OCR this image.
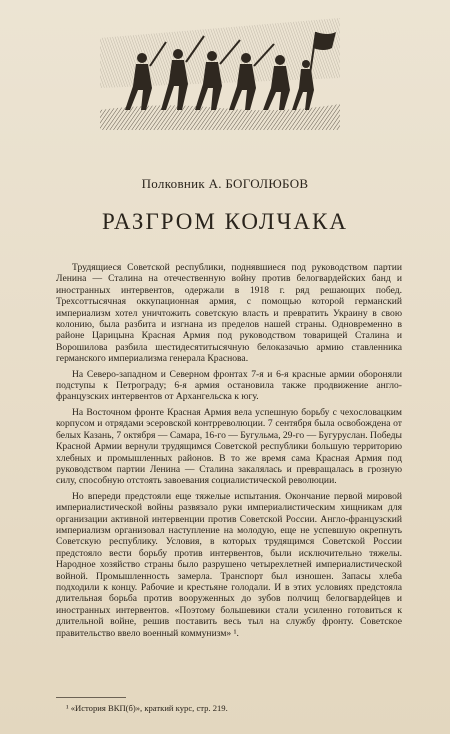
Полковник А. БОГОЛЮБОВ
РАЗГРОМ КОЛЧАКА

Трудящиеся Советской республики, поднявшиеся под руководством партии Ленина — Сталина на отечественную войну против белогвардейских банд и иностранных интервентов, одержали в 1918 г. ряд решающих побед. Трехсоттысячная оккупационная армия, с помощью которой германский империализм хотел уничтожить советскую власть и превратить Украину в свою колонию, была разбита и изгнана из пределов нашей страны. Одновременно в районе Царицына Красная Армия под руководством товарищей Сталина и Ворошилова разбила шестидесятитысячную белоказачью армию ставленника германского империализма генерала Краснова.

На Северо-западном и Северном фронтах 7-я и 6-я красные армии обороняли подступы к Петрограду; 6-я армия остановила также продвижение англо-французских интервентов от Архангельска к югу.

На Восточном фронте Красная Армия вела успешную борьбу с чехословацким корпусом и отрядами эсеровской контрреволюции. 7 сентября была освобождена от белых Казань, 7 октября — Самара, 16-го — Бугульма, 29-го — Бугуруслан. Победы Красной Армии вернули трудящимся Советской республики большую территорию хлебных и промышленных районов. В то же время сама Красная Армия под руководством партии Ленина — Сталина закалялась и превращалась в грозную силу, способную отстоять завоевания социалистической революции.

Но впереди предстояли еще тяжелые испытания. Окончание первой мировой империалистической войны развязало руки империалистическим хищникам для организации активной интервенции против Советской России. Англо-французский империализм организовал наступление на молодую, еще не успевшую окрепнуть Советскую республику. Условия, в которых трудящимся Советской России предстояло вести борьбу против интервентов, были исключительно тяжелы. Народное хозяйство страны было разрушено четырехлетней империалистической войной. Промышленность замерла. Транспорт был изношен. Запасы хлеба подходили к концу. Рабочие и крестьяне голодали. И в этих условиях предстояла длительная борьба против вооруженных до зубов полчищ белогвардейцев и иностранных интервентов. «Поэтому большевики стали усиленно готовиться к длительной войне, решив поставить весь тыл на службу фронту. Советское правительство ввело военный коммунизм» ¹.

¹ «История ВКП(б)», краткий курс, стр. 219.
